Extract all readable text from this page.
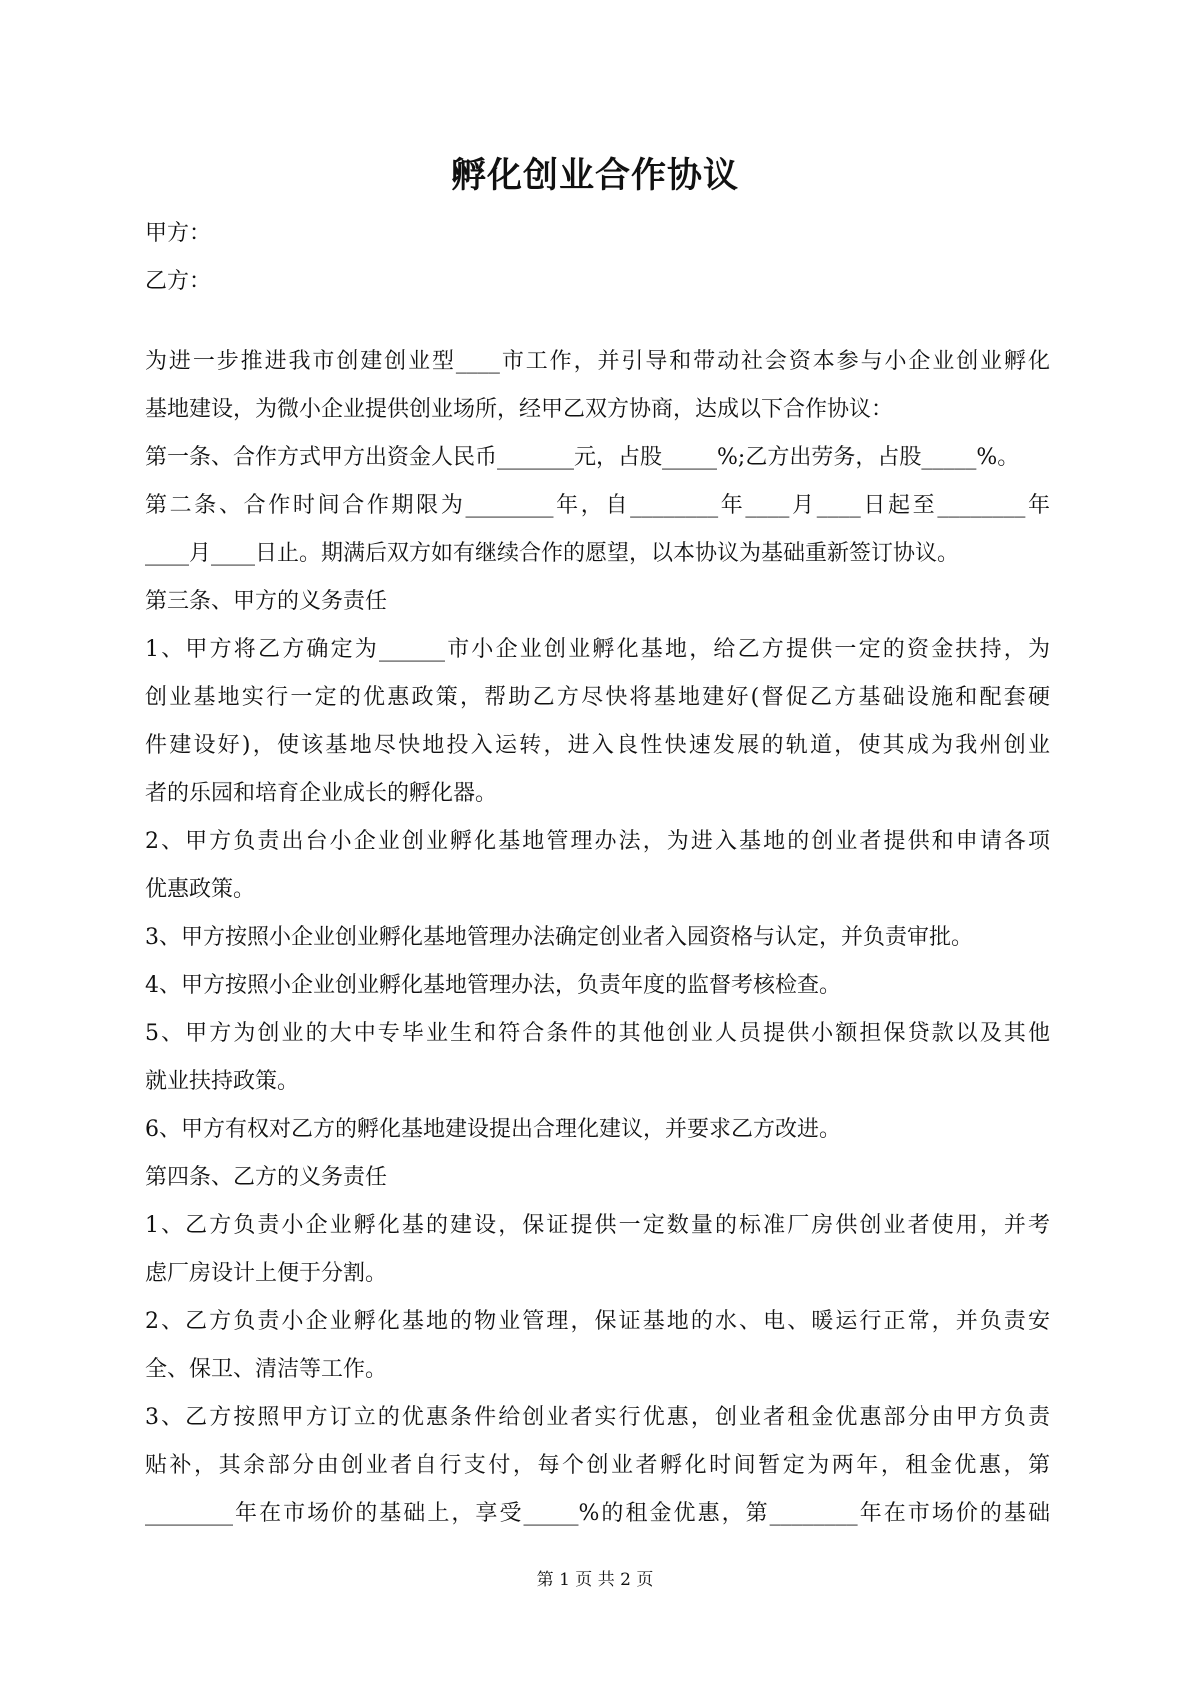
孵化创业合作协议
甲方：
乙方：
为进一步推进我市创建创业型____市工作，并引导和带动社会资本参与小企业创业孵化
基地建设，为微小企业提供创业场所，经甲乙双方协商，达成以下合作协议：
第一条、合作方式甲方出资金人民币_______元，占股_____%;乙方出劳务，占股_____%。
第二条、合作时间合作期限为________年，自________年____月____日起至________年
____月____日止。期满后双方如有继续合作的愿望，以本协议为基础重新签订协议。
第三条、甲方的义务责任
1、甲方将乙方确定为______市小企业创业孵化基地，给乙方提供一定的资金扶持，为
创业基地实行一定的优惠政策，帮助乙方尽快将基地建好(督促乙方基础设施和配套硬
件建设好)，使该基地尽快地投入运转，进入良性快速发展的轨道，使其成为我州创业
者的乐园和培育企业成长的孵化器。
2、甲方负责出台小企业创业孵化基地管理办法，为进入基地的创业者提供和申请各项
优惠政策。
3、甲方按照小企业创业孵化基地管理办法确定创业者入园资格与认定，并负责审批。
4、甲方按照小企业创业孵化基地管理办法，负责年度的监督考核检查。
5、甲方为创业的大中专毕业生和符合条件的其他创业人员提供小额担保贷款以及其他
就业扶持政策。
6、甲方有权对乙方的孵化基地建设提出合理化建议，并要求乙方改进。
第四条、乙方的义务责任
1、乙方负责小企业孵化基的建设，保证提供一定数量的标准厂房供创业者使用，并考
虑厂房设计上便于分割。
2、乙方负责小企业孵化基地的物业管理，保证基地的水、电、暖运行正常，并负责安
全、保卫、清洁等工作。
3、乙方按照甲方订立的优惠条件给创业者实行优惠，创业者租金优惠部分由甲方负责
贴补，其余部分由创业者自行支付，每个创业者孵化时间暂定为两年，租金优惠，第
________年在市场价的基础上，享受_____%的租金优惠，第________年在市场价的基础
第 1 页 共 2 页
